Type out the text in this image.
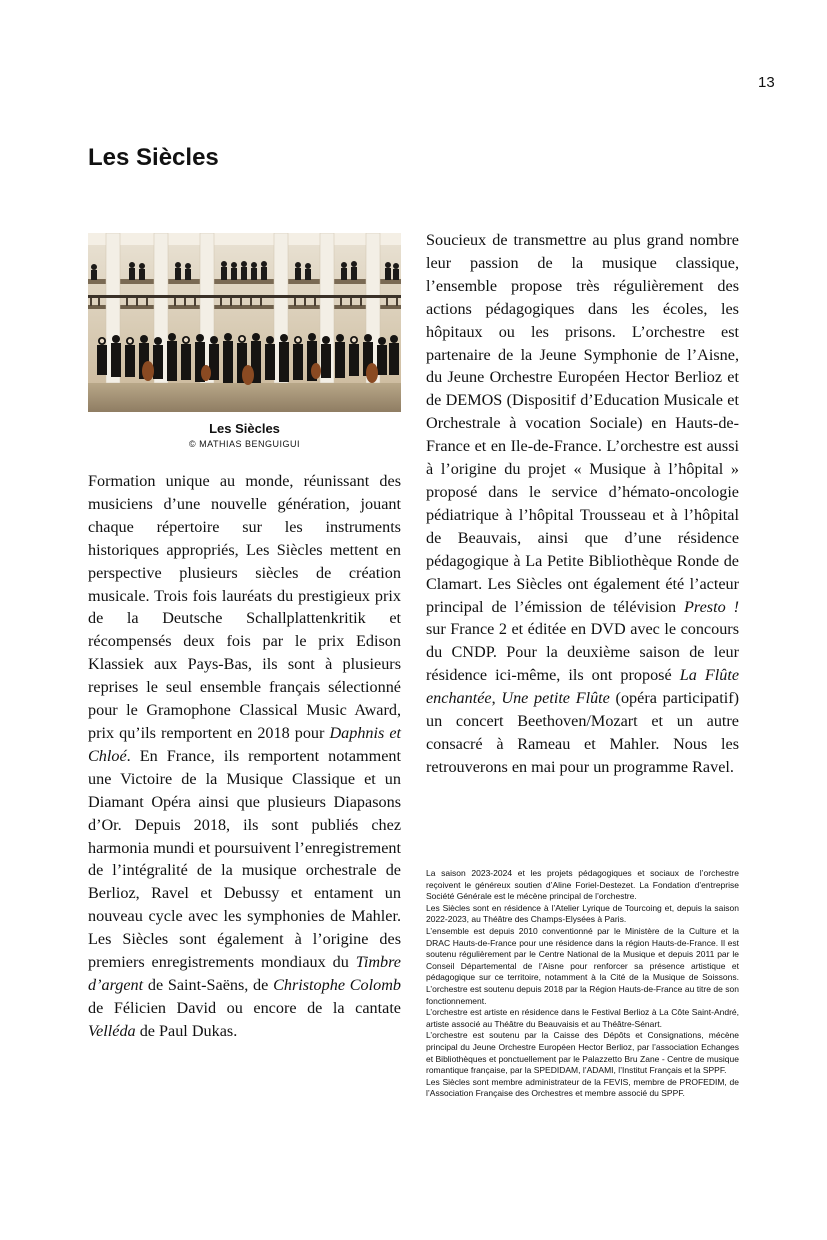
13
Les Siècles
Les Siècles
© MATHIAS BENGUIGUI

Formation unique au monde, réunissant des musiciens d’une nouvelle génération, jouant chaque répertoire sur les instruments historiques appropriés, Les Siècles mettent en perspective plusieurs siècles de création musicale. Trois fois lauréats du prestigieux prix de la Deutsche Schallplattenkritik et récompensés deux fois par le prix Edison Klassiek aux Pays-Bas, ils sont à plusieurs reprises le seul ensemble français sélectionné pour le Gramophone Classical Music Award, prix qu’ils remportent en 2018 pour Daphnis et Chloé. En France, ils remportent notamment une Victoire de la Musique Classique et un Diamant Opéra ainsi que plusieurs Diapasons d’Or. Depuis 2018, ils sont publiés chez harmonia mundi et poursuivent l’enregistrement de l’intégralité de la musique orchestrale de Berlioz, Ravel et Debussy et entament un nouveau cycle avec les symphonies de Mahler. Les Siècles sont également à l’origine des premiers enregistrements mondiaux du Timbre d’argent de Saint-Saëns, de Christophe Colomb de Félicien David ou encore de la cantate Velléda de Paul Dukas.

Soucieux de transmettre au plus grand nombre leur passion de la musique classique, l’ensemble propose très régulièrement des actions pédagogiques dans les écoles, les hôpitaux ou les prisons. L’orchestre est partenaire de la Jeune Symphonie de l’Aisne, du Jeune Orchestre Européen Hector Berlioz et de DEMOS (Dispositif d’Education Musicale et Orchestrale à vocation Sociale) en Hauts-de-France et en Ile-de-France. L’orchestre est aussi à l’origine du projet « Musique à l’hôpital » proposé dans le service d’hémato-oncologie pédiatrique à l’hôpital Trousseau et à l’hôpital de Beauvais, ainsi que d’une résidence pédagogique à La Petite Bibliothèque Ronde de Clamart. Les Siècles ont également été l’acteur principal de l’émission de télévision Presto ! sur France 2 et éditée en DVD avec le concours du CNDP. Pour la deuxième saison de leur résidence ici-même, ils ont proposé La Flûte enchantée, Une petite Flûte (opéra participatif) un concert Beethoven/Mozart et un autre consacré à Rameau et Mahler. Nous les retrouverons en mai pour un programme Ravel.

La saison 2023-2024 et les projets pédagogiques et sociaux de l’orchestre reçoivent le généreux soutien d’Aline Foriel-Destezet. La Fondation d’entreprise Société Générale est le mécène principal de l’orchestre.

Les Siècles sont en résidence à l’Atelier Lyrique de Tourcoing et, depuis la saison 2022-2023, au Théâtre des Champs-Elysées à Paris.

L’ensemble est depuis 2010 conventionné par le Ministère de la Culture et la DRAC Hauts-de-France pour une résidence dans la région Hauts-de-France. Il est soutenu régulièrement par le Centre National de la Musique et depuis 2011 par le Conseil Départemental de l’Aisne pour renforcer sa présence artistique et pédagogique sur ce territoire, notamment à la Cité de la Musique de Soissons. L’orchestre est soutenu depuis 2018 par la Région Hauts-de-France au titre de son fonctionnement.

L’orchestre est artiste en résidence dans le Festival Berlioz à La Côte Saint-André, artiste associé au Théâtre du Beauvaisis et au Théâtre-Sénart.

L’orchestre est soutenu par la Caisse des Dépôts et Consignations, mécène principal du Jeune Orchestre Européen Hector Berlioz, par l’association Echanges et Bibliothèques et ponctuellement par le Palazzetto Bru Zane - Centre de musique romantique française, par la SPEDIDAM, l’ADAMI, l’Institut Français et la SPPF.

Les Siècles sont membre administrateur de la FEVIS, membre de PROFEDIM, de l’Association Française des Orchestres et membre associé du SPPF.
